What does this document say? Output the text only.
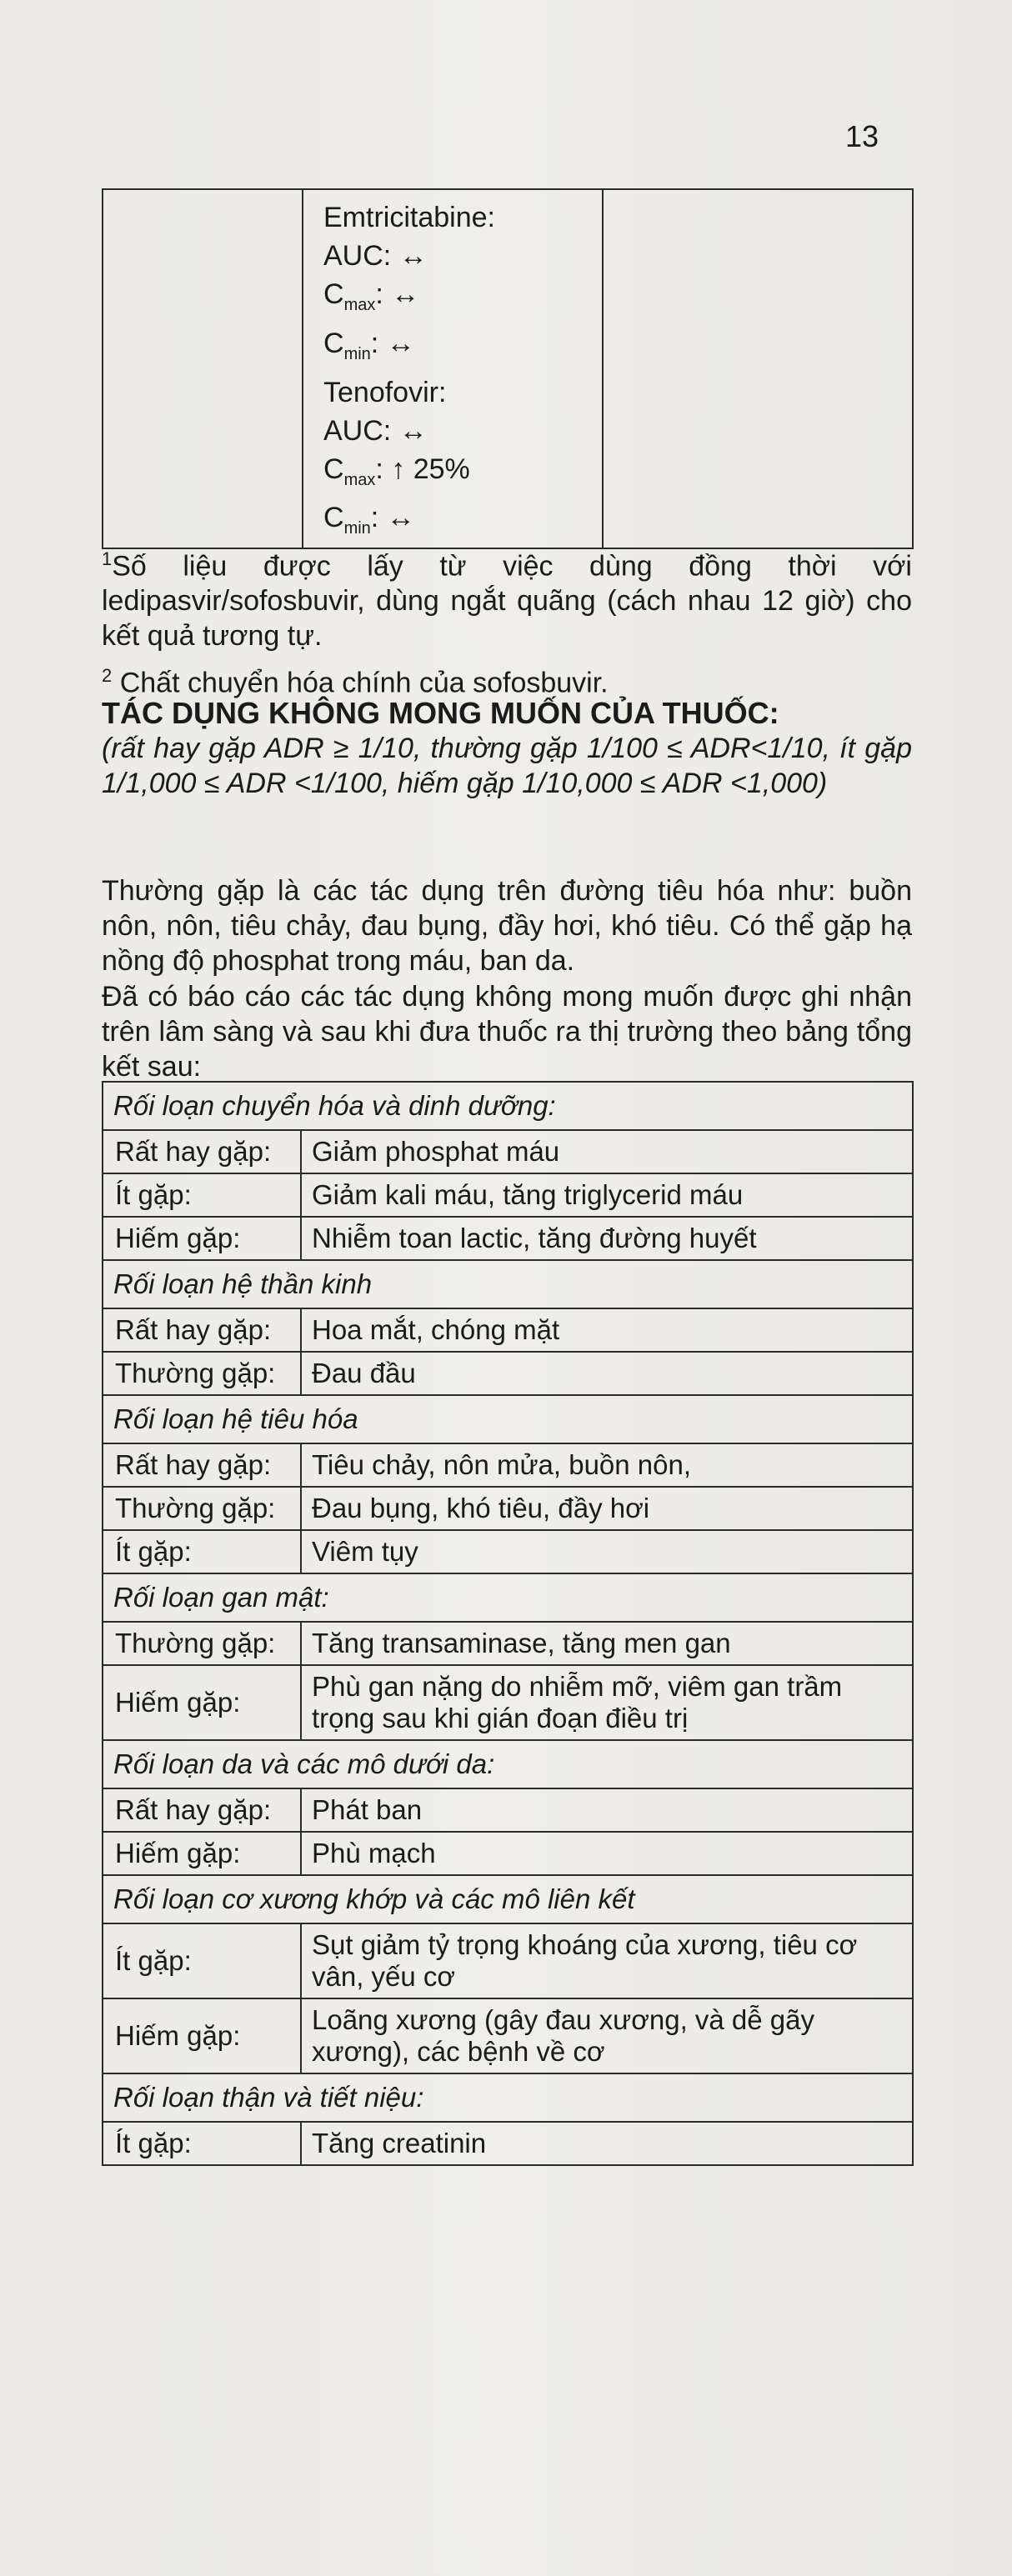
13

Emtricitabine:
AUC: ↔
$C_{max}$: ↔
$C_{min}$: ↔
Tenofovir:
AUC: ↔
$C_{max}$: ↑ 25%
$C_{min}$: ↔

$^1$Số liệu được lấy từ việc dùng đồng thời với ledipasvir/sofosbuvir, dùng ngắt quãng (cách nhau 12 giờ) cho kết quả tương tự.
$^2$ Chất chuyển hóa chính của sofosbuvir.
TÁC DỤNG KHÔNG MONG MUỐN CỦA THUỐC:
(rất hay gặp ADR ≥ 1/10, thường gặp 1/100 ≤ ADR<1/10, ít gặp 1/1,000 ≤ ADR <1/100, hiếm gặp 1/10,000 ≤ ADR <1,000)
Thường gặp là các tác dụng trên đường tiêu hóa như: buồn nôn, nôn, tiêu chảy, đau bụng, đầy hơi, khó tiêu. Có thể gặp hạ nồng độ phosphat trong máu, ban da.
Đã có báo cáo các tác dụng không mong muốn được ghi nhận trên lâm sàng và sau khi đưa thuốc ra thị trường theo bảng tổng kết sau:
Rối loạn chuyển hóa và dinh dưỡng:	
Rất hay gặp:	Giảm phosphat máu
Ít gặp:	Giảm kali máu, tăng triglycerid máu
Hiếm gặp:	Nhiễm toan lactic, tăng đường huyết
Rối loạn hệ thần kinh	
Rất hay gặp:	Hoa mắt, chóng mặt
Thường gặp:	Đau đầu
Rối loạn hệ tiêu hóa	
Rất hay gặp:	Tiêu chảy, nôn mửa, buồn nôn,
Thường gặp:	Đau bụng, khó tiêu, đầy hơi
Ít gặp:	Viêm tụy
Rối loạn gan mật:	
Thường gặp:	Tăng transaminase, tăng men gan
Hiếm gặp:	Phù gan nặng do nhiễm mỡ, viêm gan trầm trọng sau khi gián đoạn điều trị
Rối loạn da và các mô dưới da:	
Rất hay gặp:	Phát ban
Hiếm gặp:	Phù mạch
Rối loạn cơ xương khớp và các mô liên kết	
Ít gặp:	Sụt giảm tỷ trọng khoáng của xương, tiêu cơ vân, yếu cơ
Hiếm gặp:	Loãng xương (gây đau xương, và dễ gãy xương), các bệnh về cơ
Rối loạn thận và tiết niệu:	
Ít gặp:	Tăng creatinin
